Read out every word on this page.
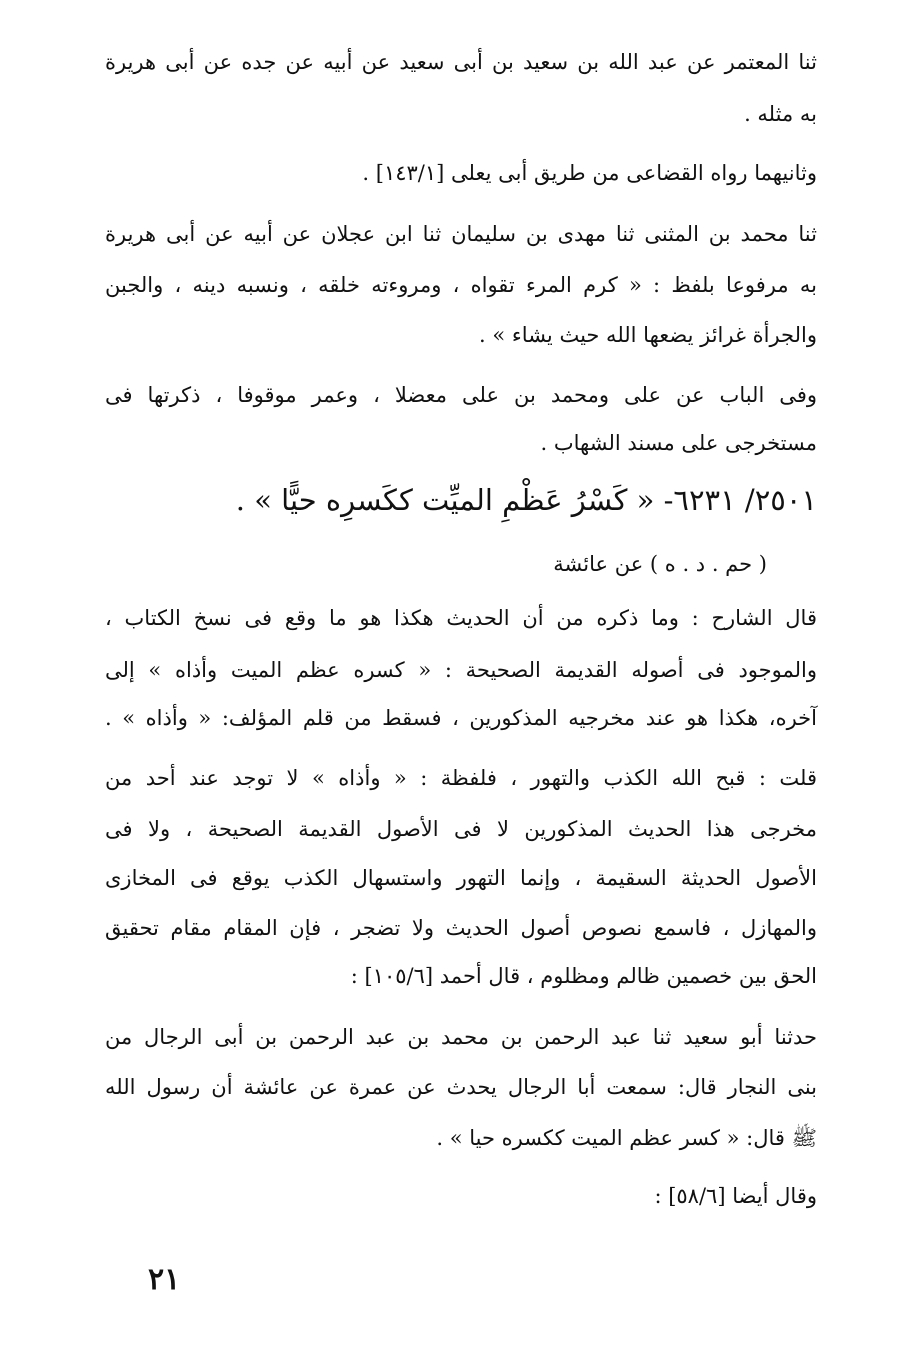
ثنا المعتمر عن عبد الله بن سعيد بن أبى سعيد عن أبيه عن جده عن أبى هريرة
به مثله .
وثانيهما رواه القضاعى من طريق أبى يعلى [١٤٣/١] .
ثنا محمد بن المثنى ثنا مهدى بن سليمان ثنا ابن عجلان عن أبيه عن أبى هريرة
به مرفوعا بلفظ : « كرم المرء تقواه ، ومروءته خلقه ، ونسبه دينه ، والجبن
والجرأة غرائز يضعها الله حيث يشاء » .
وفى الباب عن على ومحمد بن على معضلا ، وعمر موقوفا ، ذكرتها فى
مستخرجى على مسند الشهاب .
٢٥٠١/ ٦٢٣١- « كَسْرُ عَظْمِ الميِّت ككَسرِه حيًّا » .
( حم . د . ه ) عن عائشة
قال الشارح : وما ذكره من أن الحديث هكذا هو ما وقع فى نسخ الكتاب ،
والموجود فى أصوله القديمة الصحيحة : « كسره عظم الميت وأذاه » إلى
آخره، هكذا هو عند مخرجيه المذكورين ، فسقط من قلم المؤلف: « وأذاه » .
قلت : قبح الله الكذب والتهور ، فلفظة : « وأذاه » لا توجد عند أحد من
مخرجى هذا الحديث المذكورين لا فى الأصول القديمة الصحيحة ، ولا فى
الأصول الحديثة السقيمة ، وإنما التهور واستسهال الكذب يوقع فى المخازى
والمهازل ، فاسمع نصوص أصول الحديث ولا تضجر ، فإن المقام مقام تحقيق
الحق بين خصمين ظالم ومظلوم ، قال أحمد [١٠٥/٦] :
حدثنا أبو سعيد ثنا عبد الرحمن بن محمد بن عبد الرحمن بن أبى الرجال من
بنى النجار قال: سمعت أبا الرجال يحدث عن عمرة عن عائشة أن رسول الله
ﷺ قال: « كسر عظم الميت ككسره حيا » .
وقال أيضا [٥٨/٦] :
٢١
